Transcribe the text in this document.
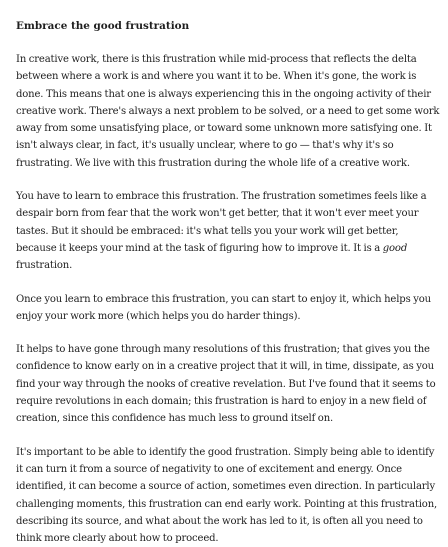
Embrace the good frustration

In creative work, there is this frustration while mid-process that reflects the delta between where a work is and where you want it to be. When it's gone, the work is done. This means that one is always experiencing this in the ongoing activity of their creative work. There's always a next problem to be solved, or a need to get some work away from some unsatisfying place, or toward some unknown more satisfying one. It isn't always clear, in fact, it's usually unclear, where to go — that's why it's so frustrating. We live with this frustration during the whole life of a creative work.

You have to learn to embrace this frustration. The frustration sometimes feels like a despair born from fear that the work won't get better, that it won't ever meet your tastes. But it should be embraced: it's what tells you your work will get better, because it keeps your mind at the task of figuring how to improve it. It is a good frustration.

Once you learn to embrace this frustration, you can start to enjoy it, which helps you enjoy your work more (which helps you do harder things).

It helps to have gone through many resolutions of this frustration; that gives you the confidence to know early on in a creative project that it will, in time, dissipate, as you find your way through the nooks of creative revelation. But I've found that it seems to require revolutions in each domain; this frustration is hard to enjoy in a new field of creation, since this confidence has much less to ground itself on.

It's important to be able to identify the good frustration. Simply being able to identify it can turn it from a source of negativity to one of excitement and energy. Once identified, it can become a source of action, sometimes even direction. In particularly challenging moments, this frustration can end early work. Pointing at this frustration, describing its source, and what about the work has led to it, is often all you need to think more clearly about how to proceed.
